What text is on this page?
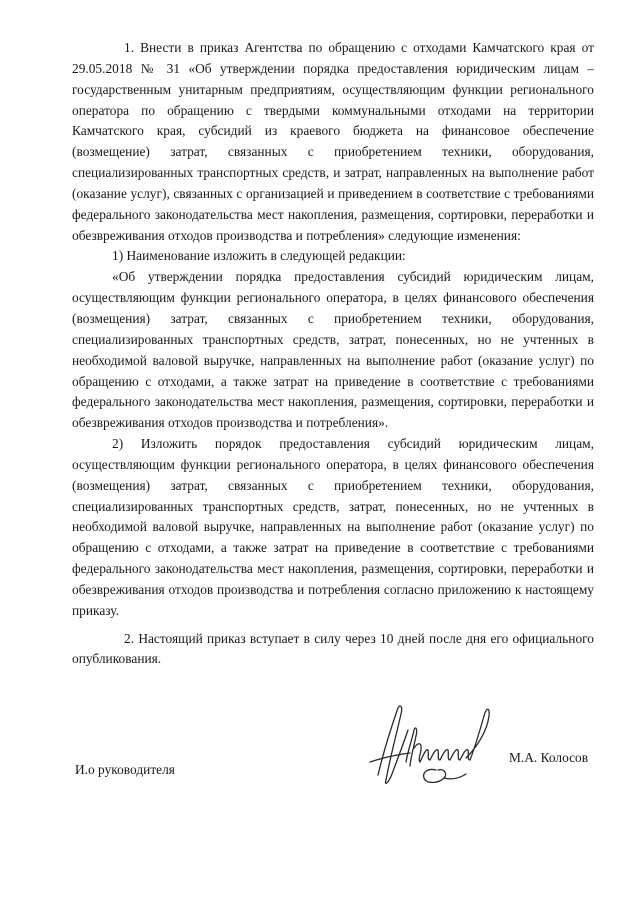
1. Внести в приказ Агентства по обращению с отходами Камчатского края от 29.05.2018 № 31 «Об утверждении порядка предоставления юридическим лицам – государственным унитарным предприятиям, осуществляющим функции регионального оператора по обращению с твердыми коммунальными отходами на территории Камчатского края, субсидий из краевого бюджета на финансовое обеспечение (возмещение) затрат, связанных с приобретением техники, оборудования, специализированных транспортных средств, и затрат, направленных на выполнение работ (оказание услуг), связанных с организацией и приведением в соответствие с требованиями федерального законодательства мест накопления, размещения, сортировки, переработки и обезвреживания отходов производства и потребления» следующие изменения:

1) Наименование изложить в следующей редакции:

«Об утверждении порядка предоставления субсидий юридическим лицам, осуществляющим функции регионального оператора, в целях финансового обеспечения (возмещения) затрат, связанных с приобретением техники, оборудования, специализированных транспортных средств, затрат, понесенных, но не учтенных в необходимой валовой выручке, направленных на выполнение работ (оказание услуг) по обращению с отходами, а также затрат на приведение в соответствие с требованиями федерального законодательства мест накопления, размещения, сортировки, переработки и обезвреживания отходов производства и потребления».

2) Изложить порядок предоставления субсидий юридическим лицам, осуществляющим функции регионального оператора, в целях финансового обеспечения (возмещения) затрат, связанных с приобретением техники, оборудования, специализированных транспортных средств, затрат, понесенных, но не учтенных в необходимой валовой выручке, направленных на выполнение работ (оказание услуг) по обращению с отходами, а также затрат на приведение в соответствие с требованиями федерального законодательства мест накопления, размещения, сортировки, переработки и обезвреживания отходов производства и потребления согласно приложению к настоящему приказу.

2. Настоящий приказ вступает в силу через 10 дней после дня его официального опубликования.

И.о руководителя
М.А. Колосов
